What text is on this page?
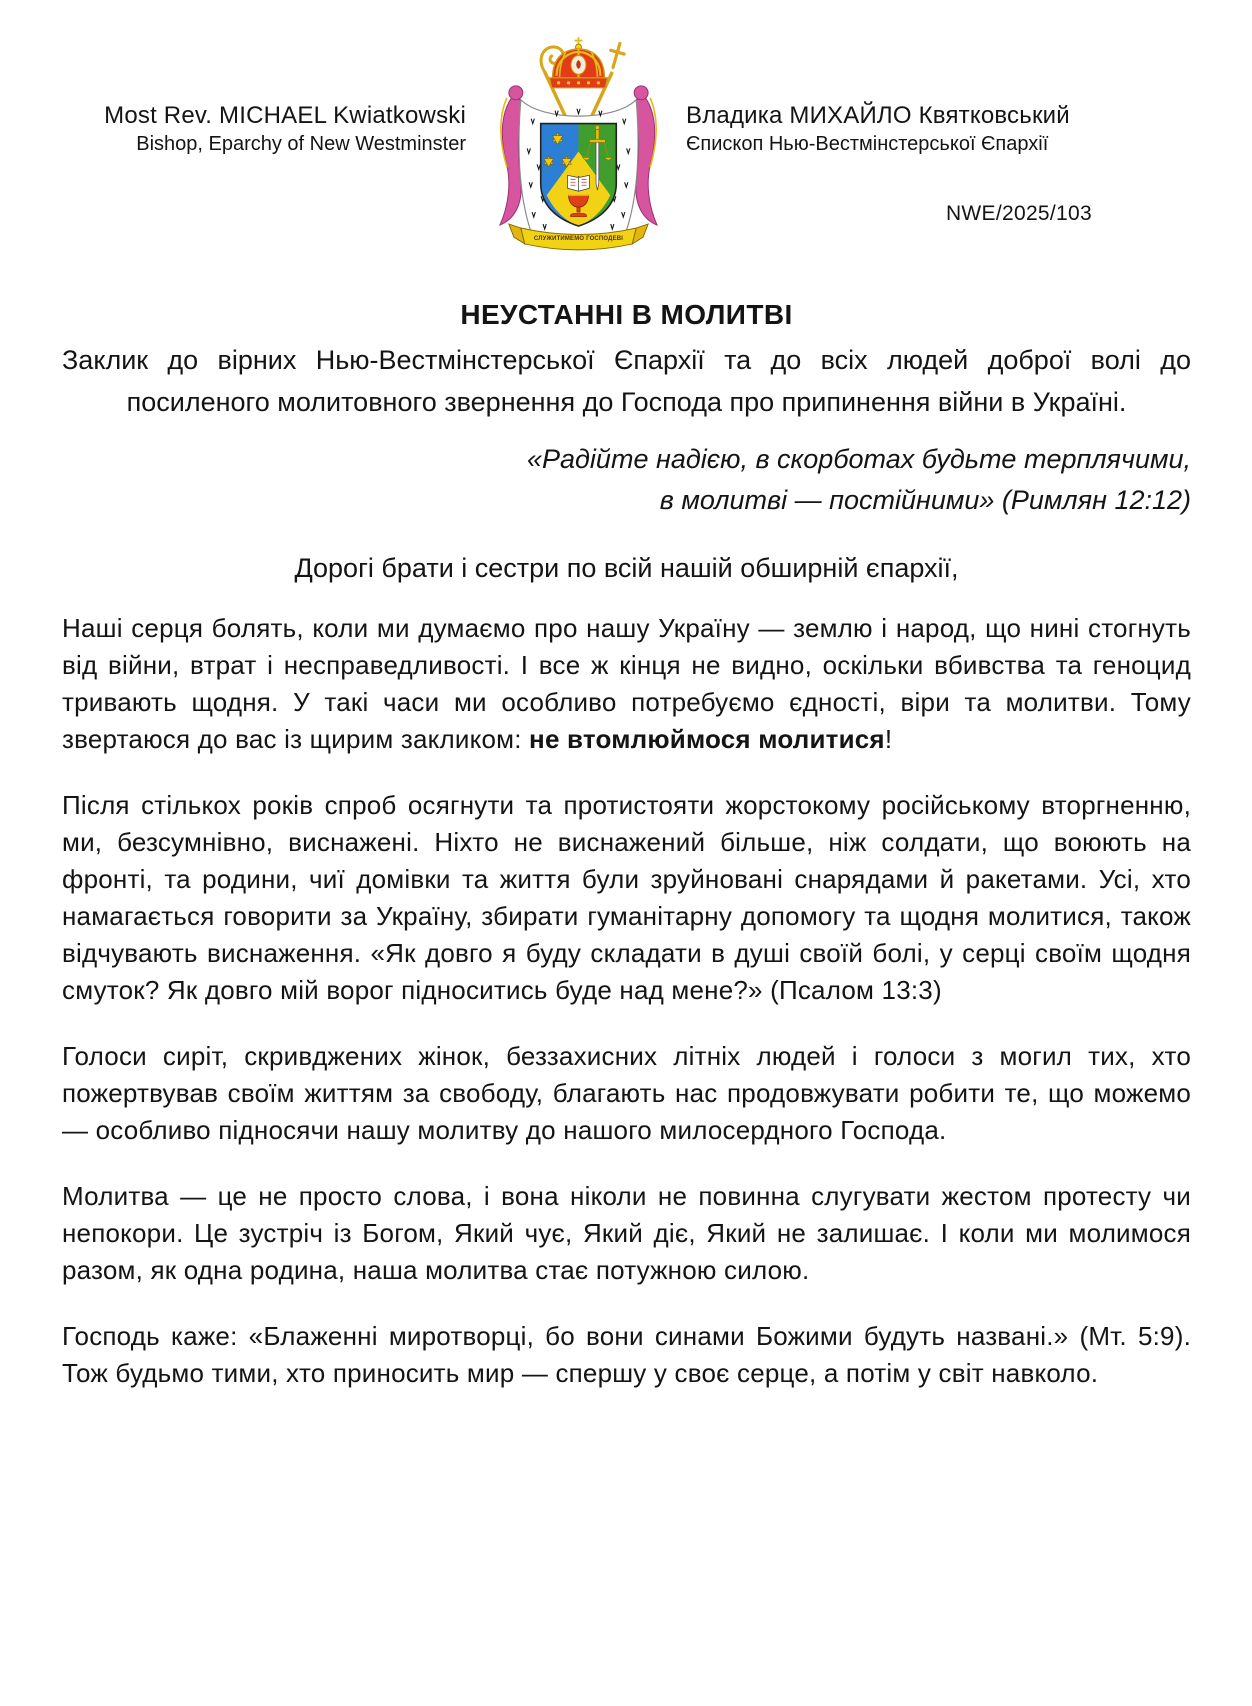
Most Rev. MICHAEL Kwiatkowski
Bishop, Eparchy of New Westminster
СЛУЖИТИМЕМО ГОСПОДЕВІ
Владика МИХАЙЛО Квятковський
Єпископ Нью-Вестмінстерської Єпархії
NWE/2025/103
НЕУСТАННІ В МОЛИТВІ

Заклик до вірних Нью-Вестмінстерської Єпархії та до всіх людей доброї волі до посиленого молитовного звернення до Господа про припинення війни в Україні.

«Радійте надією, в скорботах будьте терплячими,
в молитві — постійними» (Римлян 12:12)

Дорогі брати і сестри по всій нашій обширній єпархії,

Наші серця болять, коли ми думаємо про нашу Україну — землю і народ, що нині стогнуть від війни, втрат і несправедливості. І все ж кінця не видно, оскільки вбивства та геноцид тривають щодня. У такі часи ми особливо потребуємо єдності, віри та молитви. Тому звертаюся до вас із щирим закликом: не втомлюймося молитися!

Після стількох років спроб осягнути та протистояти жорстокому російському вторгненню, ми, безсумнівно, виснажені. Ніхто не виснажений більше, ніж солдати, що воюють на фронті, та родини, чиї домівки та життя були зруйновані снарядами й ракетами. Усі, хто намагається говорити за Україну, збирати гуманітарну допомогу та щодня молитися, також відчувають виснаження. «Як довго я буду складати в душі своїй болі, у серці своїм щодня смуток? Як довго мій ворог підноситись буде над мене?» (Псалом 13:3)

Голоси сиріт, скривджених жінок, беззахисних літніх людей і голоси з могил тих, хто пожертвував своїм життям за свободу, благають нас продовжувати робити те, що можемо — особливо підносячи нашу молитву до нашого милосердного Господа.

Молитва — це не просто слова, і вона ніколи не повинна слугувати жестом протесту чи непокори. Це зустріч із Богом, Який чує, Який діє, Який не залишає. І коли ми молимося разом, як одна родина, наша молитва стає потужною силою.

Господь каже: «Блаженні миротворці, бо вони синами Божими будуть названі.» (Мт. 5:9). Тож будьмо тими, хто приносить мир — спершу у своє серце, а потім у світ навколо.
